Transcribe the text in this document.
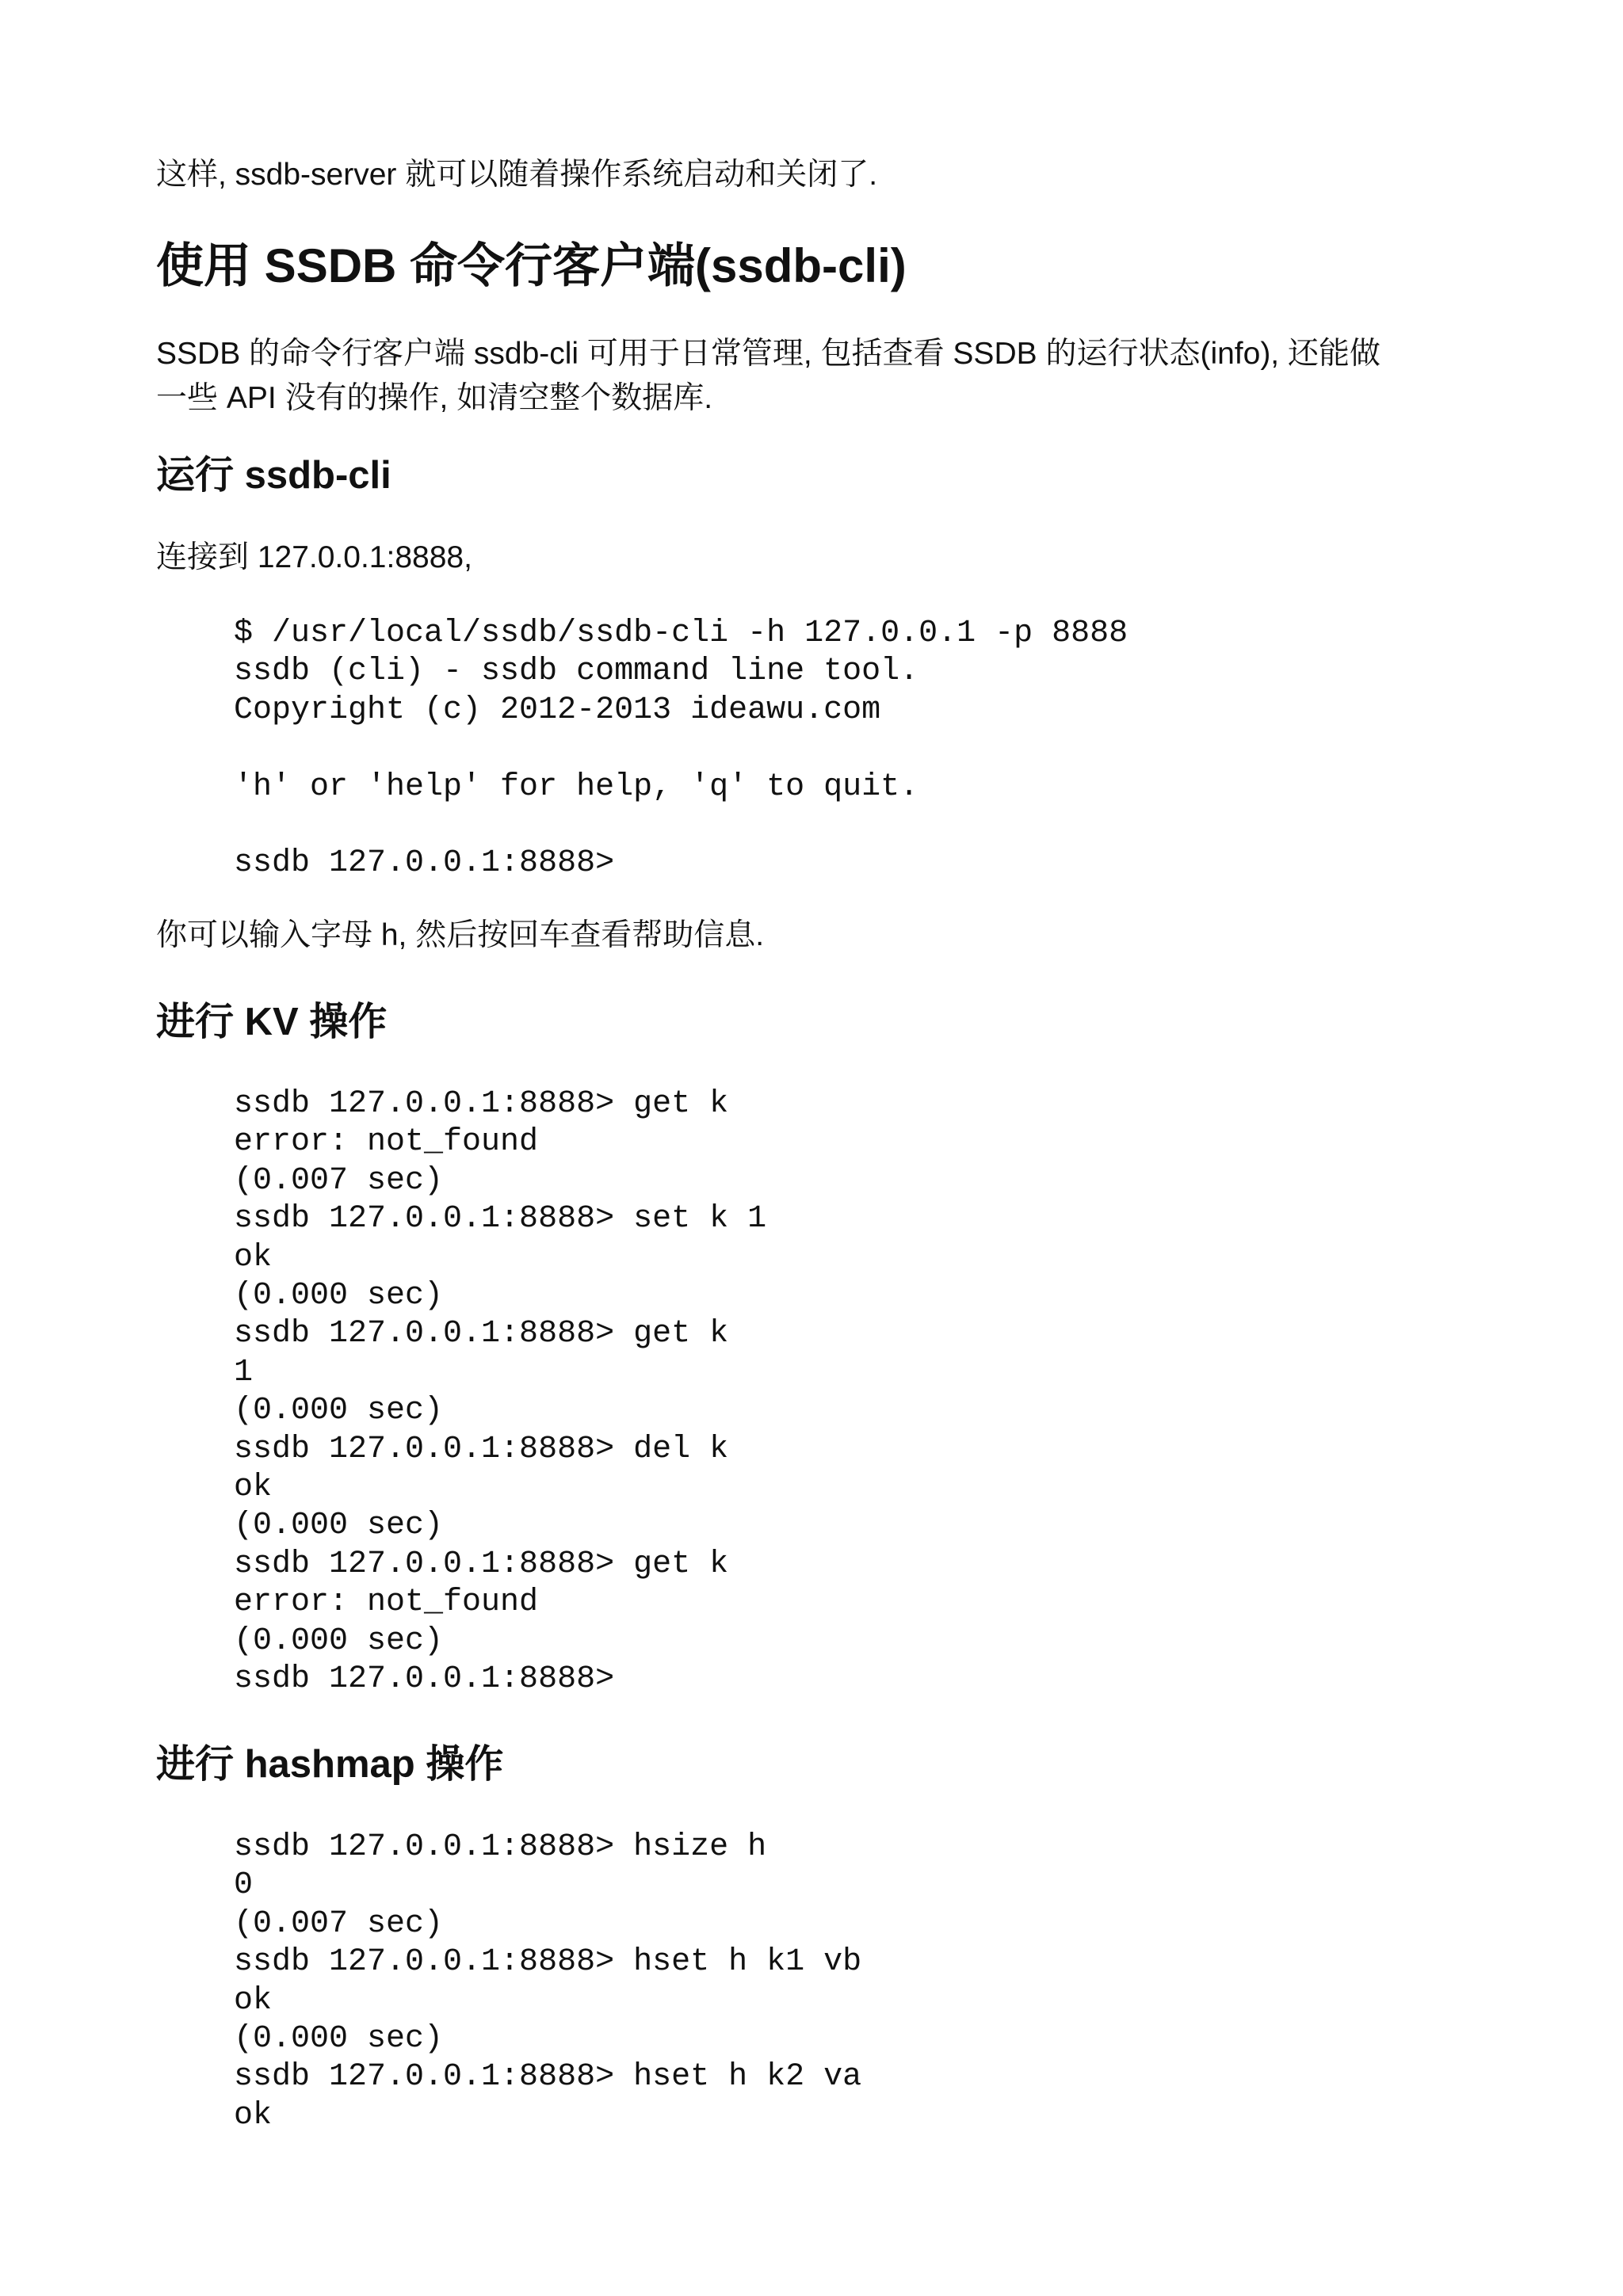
这样, ssdb-server 就可以随着操作系统启动和关闭了.

使用 SSDB 命令行客户端(ssdb-cli)

SSDB 的命令行客户端 ssdb-cli 可用于日常管理, 包括查看 SSDB 的运行状态(info), 还能做

一些 API 没有的操作, 如清空整个数据库.

运行 ssdb-cli

连接到 127.0.0.1:8888,

$ /usr/local/ssdb/ssdb-cli -h 127.0.0.1 -p 8888
ssdb (cli) - ssdb command line tool.
Copyright (c) 2012-2013 ideawu.com

'h' or 'help' for help, 'q' to quit.

ssdb 127.0.0.1:8888>

你可以输入字母 h, 然后按回车查看帮助信息.

进行 KV 操作
ssdb 127.0.0.1:8888> get k
error: not_found
(0.007 sec)
ssdb 127.0.0.1:8888> set k 1
ok
(0.000 sec)
ssdb 127.0.0.1:8888> get k
1
(0.000 sec)
ssdb 127.0.0.1:8888> del k
ok
(0.000 sec)
ssdb 127.0.0.1:8888> get k
error: not_found
(0.000 sec)
ssdb 127.0.0.1:8888>
进行 hashmap 操作
ssdb 127.0.0.1:8888> hsize h
0
(0.007 sec)
ssdb 127.0.0.1:8888> hset h k1 vb
ok
(0.000 sec)
ssdb 127.0.0.1:8888> hset h k2 va
ok
